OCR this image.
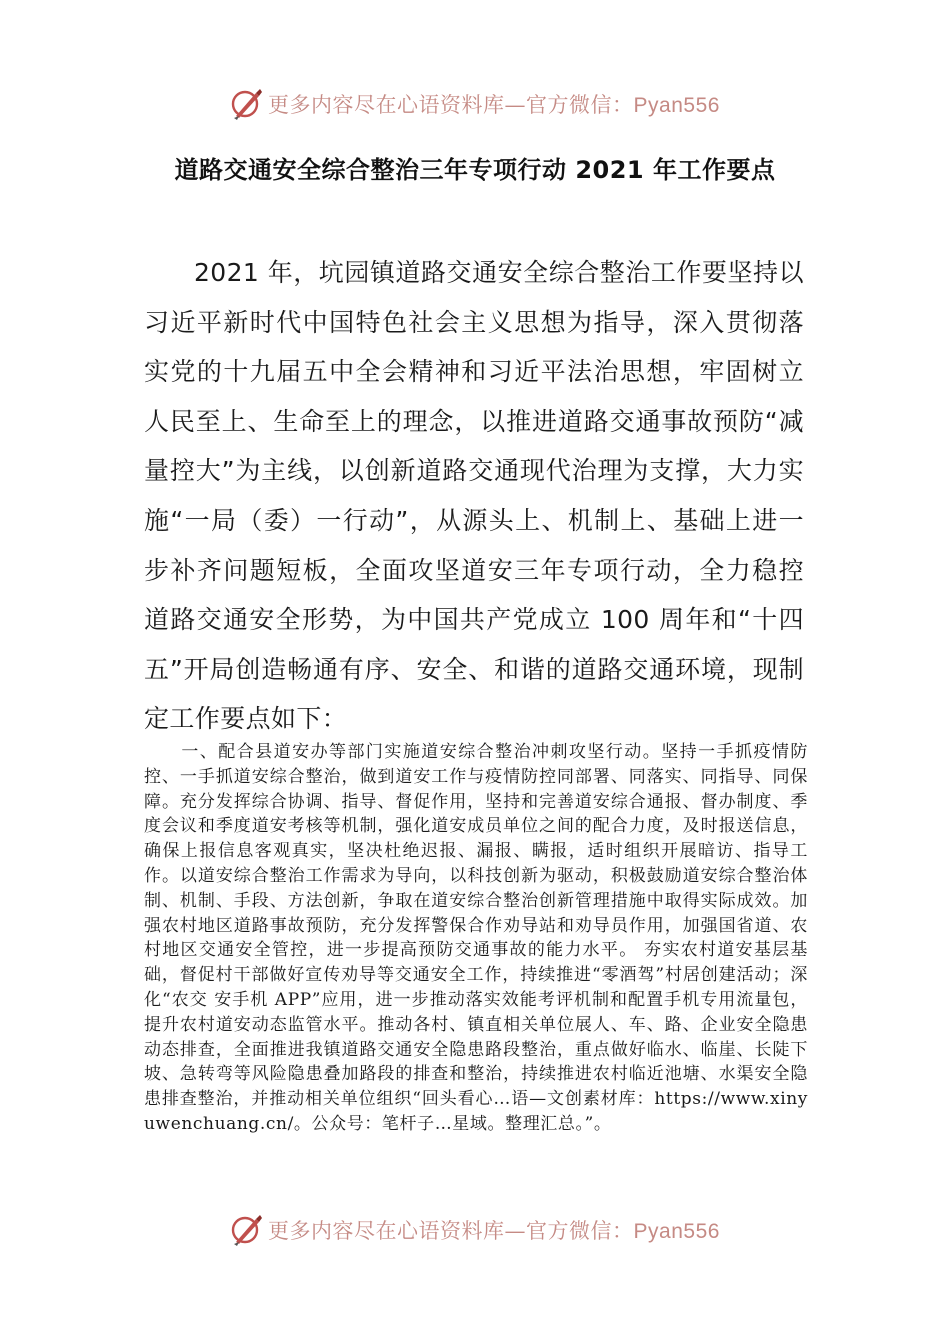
更多内容尽在心语资料库—官方微信：Pyan556
道路交通安全综合整治三年专项行动 2021 年工作要点

2021 年，坑园镇道路交通安全综合整治工作要坚持以习近平新时代中国特色社会主义思想为指导，深入贯彻落实党的十九届五中全会精神和习近平法治思想，牢固树立人民至上、生命至上的理念，以推进道路交通事故预防“减量控大”为主线，以创新道路交通现代治理为支撑，大力实施“一局（委）一行动”，从源头上、机制上、基础上进一步补齐问题短板，全面攻坚道安三年专项行动，全力稳控道路交通安全形势，为中国共产党成立 100 周年和“十四五”开局创造畅通有序、安全、和谐的道路交通环境，现制定工作要点如下：

一、配合县道安办等部门实施道安综合整治冲刺攻坚行动。坚持一手抓疫情防控、一手抓道安综合整治，做到道安工作与疫情防控同部署、同落实、同指导、同保障。充分发挥综合协调、指导、督促作用，坚持和完善道安综合通报、督办制度、季度会议和季度道安考核等机制，强化道安成员单位之间的配合力度，及时报送信息，确保上报信息客观真实，坚决杜绝迟报、漏报、瞒报，适时组织开展暗访、指导工作。以道安综合整治工作需求为导向，以科技创新为驱动，积极鼓励道安综合整治体制、机制、手段、方法创新，争取在道安综合整治创新管理措施中取得实际成效。加强农村地区道路事故预防，充分发挥警保合作劝导站和劝导员作用，加强国省道、农村地区交通安全管控，进一步提高预防交通事故的能力水平。 夯实农村道安基层基础，督促村干部做好宣传劝导等交通安全工作，持续推进“零酒驾”村居创建活动；深化“农交 安手机 APP”应用，进一步推动落实效能考评机制和配置手机专用流量包，提升农村道安动态监管水平。推动各村、镇直相关单位展人、车、路、企业安全隐患动态排查，全面推进我镇道路交通安全隐患路段整治，重点做好临水、临崖、长陡下坡、急转弯等风险隐患叠加路段的排查和整治，持续推进农村临近池塘、水渠安全隐患排查整治，并推动相关单位组织“回头看心…语—文创素材库：https://www.xinyuwenchuang.cn/。公众号：笔杆子…星域。整理汇总。”。

更多内容尽在心语资料库—官方微信：Pyan556
